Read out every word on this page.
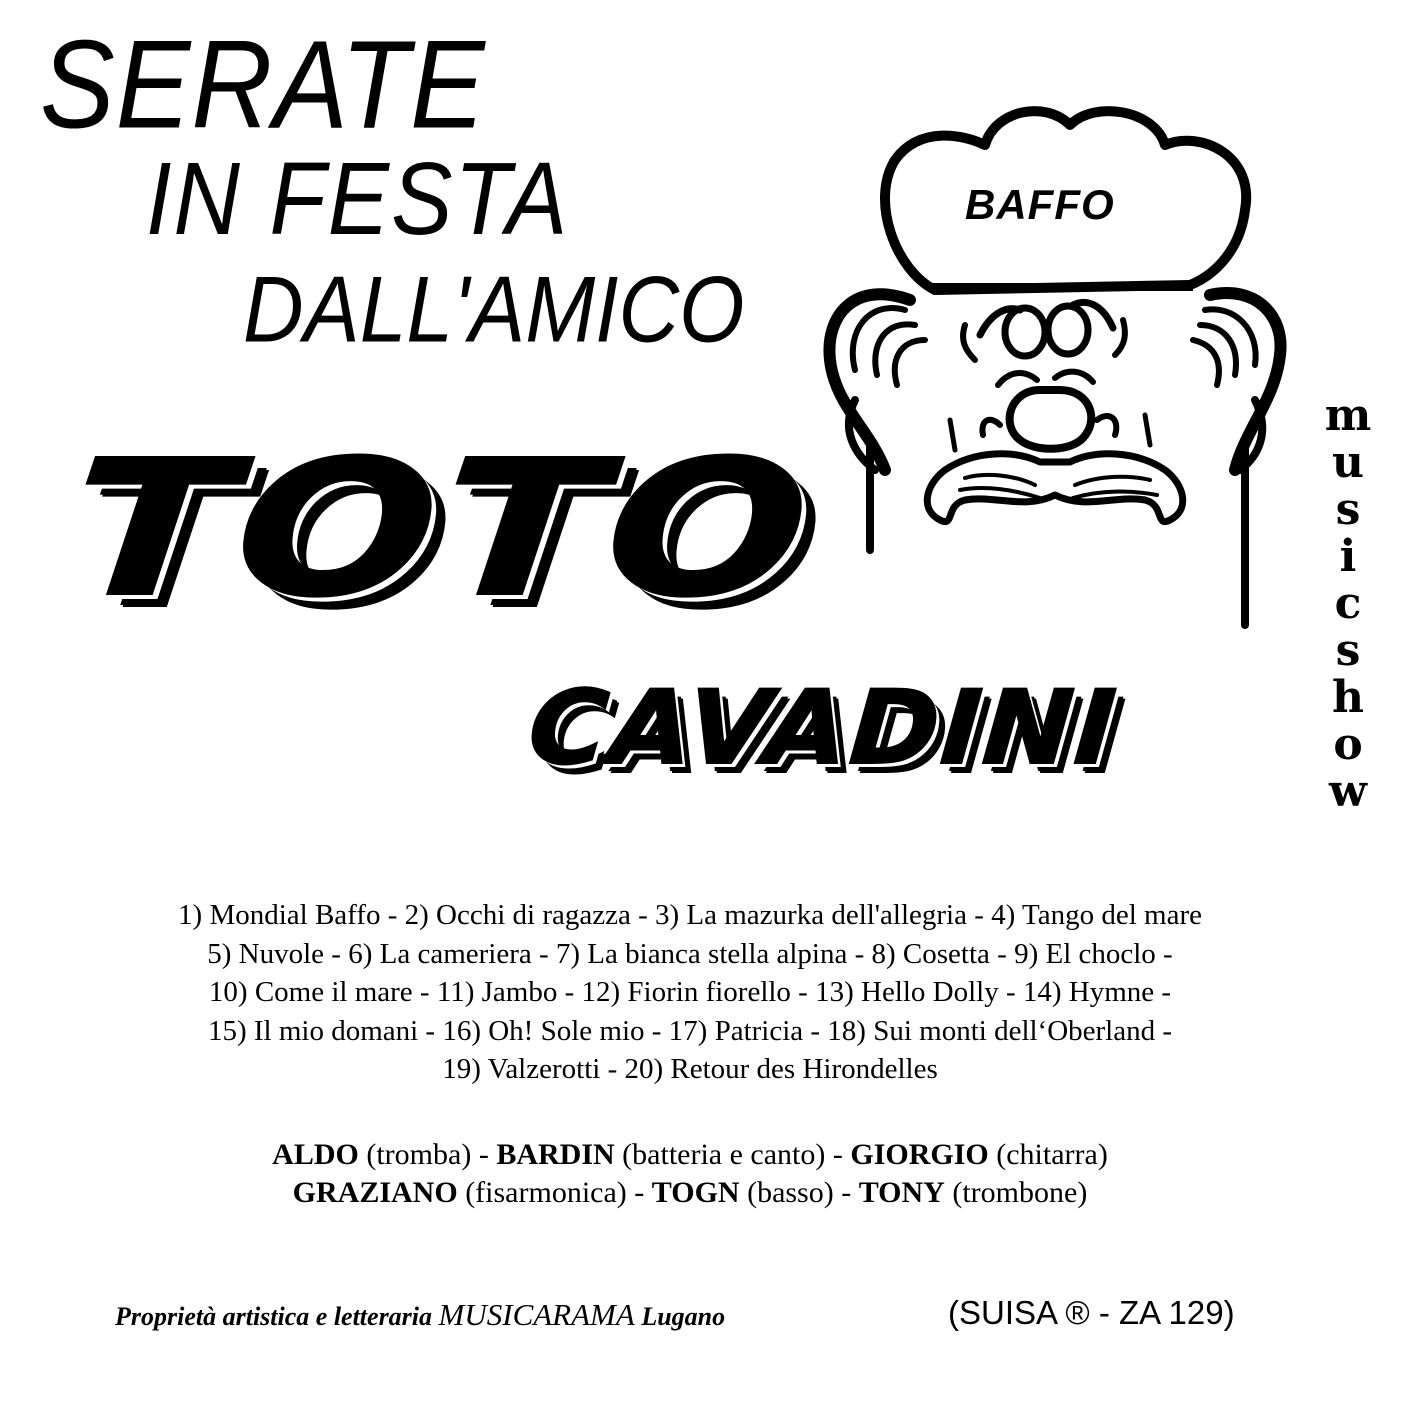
SERATE
IN FESTA
DALL'AMICO
BAFFO
TOTO
CAVADINI
m
u
s
i
c
s
h
o
w
1) Mondial Baffo - 2) Occhi di ragazza - 3) La mazurka dell'allegria - 4) Tango del mare
5) Nuvole - 6) La cameriera - 7) La bianca stella alpina - 8) Cosetta - 9) El choclo -
10) Come il mare - 11) Jambo - 12) Fiorin fiorello - 13) Hello Dolly - 14) Hymne -
15) Il mio domani - 16) Oh! Sole mio - 17) Patricia - 18) Sui monti dell‘Oberland -
19) Valzerotti - 20) Retour des Hirondelles
ALDO (tromba) - BARDIN (batteria e canto) - GIORGIO (chitarra)
GRAZIANO (fisarmonica) - TOGN (basso) - TONY (trombone)
Proprietà artistica e letteraria MUSICARAMA Lugano	(SUISA ® - ZA 129)
